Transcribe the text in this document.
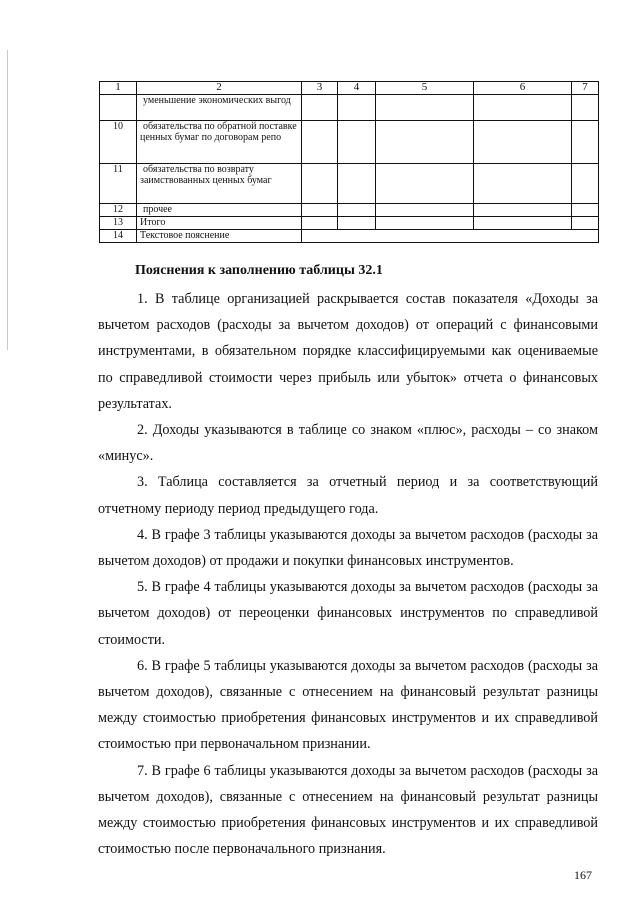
1	2	3	4	5	6	7
	уменьшение экономических выгод					
10	обязательства по обратной поставке ценных бумаг по договорам репо					
11	обязательства по возврату заимствованных ценных бумаг					
12	прочее					
13	Итого					
14	Текстовое пояснение					
Пояснения к заполнению таблицы 32.1

1. В таблице организацией раскрывается состав показателя «Доходы за вычетом расходов (расходы за вычетом доходов) от операций с финансовыми инструментами, в обязательном порядке классифицируемыми как оцениваемые по справедливой стоимости через прибыль или убыток» отчета о финансовых результатах.

2. Доходы указываются в таблице со знаком «плюс», расходы – со знаком «минус».

3. Таблица составляется за отчетный период и за соответствующий отчетному периоду период предыдущего года.

4. В графе 3 таблицы указываются доходы за вычетом расходов (расходы за вычетом доходов) от продажи и покупки финансовых инструментов.

5. В графе 4 таблицы указываются доходы за вычетом расходов (расходы за вычетом доходов) от переоценки финансовых инструментов по справедливой стоимости.

6. В графе 5 таблицы указываются доходы за вычетом расходов (расходы за вычетом доходов), связанные с отнесением на финансовый результат разницы между стоимостью приобретения финансовых инструментов и их справедливой стоимостью при первоначальном признании.

7. В графе 6 таблицы указываются доходы за вычетом расходов (расходы за вычетом доходов), связанные с отнесением на финансовый результат разницы между стоимостью приобретения финансовых инструментов и их справедливой стоимостью после первоначального признания.

167
